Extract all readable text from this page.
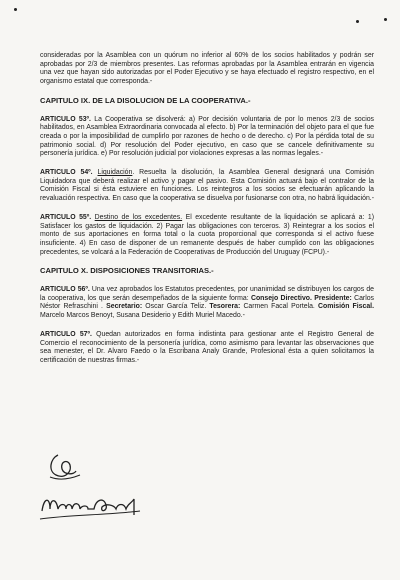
consideradas por la Asamblea con un quórum no inferior al 60% de los socios habilitados y podrán ser aprobadas por 2/3 de miembros presentes. Las reformas aprobadas por la Asamblea entrarán en vigencia una vez que hayan sido autorizadas por el Poder Ejecutivo y se haya efectuado el registro respectivo, en el organismo estatal que corresponda.-

CAPITULO IX. DE LA DISOLUCION DE LA COOPERATIVA.-

ARTICULO 53º. La Cooperativa se disolverá: a) Por decisión voluntaria de por lo menos 2/3 de socios habilitados, en Asamblea Extraordinaria convocada al efecto. b) Por la terminación del objeto para el que fue creada o por la imposibilidad de cumplirlo por razones de hecho o de derecho. c) Por la pérdida total de su patrimonio social. d) Por resolución del Poder ejecutivo, en caso que se cancele definitivamente su personería jurídica. e) Por resolución judicial por violaciones expresas a las normas legales.-

ARTICULO 54º. Liquidación. Resuelta la disolución, la Asamblea General designará una Comisión Liquidadora que deberá realizar el activo y pagar el pasivo. Esta Comisión actuará bajo el contralor de la Comisión Fiscal si ésta estuviere en funciones. Los reintegros a los socios se efectuarán aplicando la revaluación respectiva. En caso que la cooperativa se disuelva por fusionarse con otra, no habrá liquidación.-

ARTICULO 55º. Destino de los excedentes. El excedente resultante de la liquidación se aplicará a: 1) Satisfacer los gastos de liquidación. 2) Pagar las obligaciones con terceros. 3) Reintegrar a los socios el monto de sus aportaciones en forma total o la cuota proporcional que corresponda si el activo fuese insuficiente. 4) En caso de disponer de un remanente después de haber cumplido con las obligaciones precedentes, se volcará a la Federación de Cooperativas de Producción del Uruguay (FCPU).-

CAPITULO X. DISPOSICIONES TRANSITORIAS.-

ARTICULO 56º. Una vez aprobados los Estatutos precedentes, por unanimidad se distribuyen los cargos de la cooperativa, los que serán desempeñados de la siguiente forma: Consejo Directivo. Presidente: Carlos Néstor Refraschini . Secretario: Oscar García Teliz. Tesorera: Carmen Facal Portela. Comisión Fiscal. Marcelo Marcos Benoyt, Susana Desiderio y Edith Muriel Macedo.-

ARTICULO 57º. Quedan autorizados en forma indistinta para gestionar ante el Registro General de Comercio el reconocimiento de la personería jurídica, como asimismo para levantar las observaciones que sea menester, el Dr. Alvaro Faedo o la Escribana Analy Grande, Profesional ésta a quien solicitamos la certificación de nuestras firmas.-
